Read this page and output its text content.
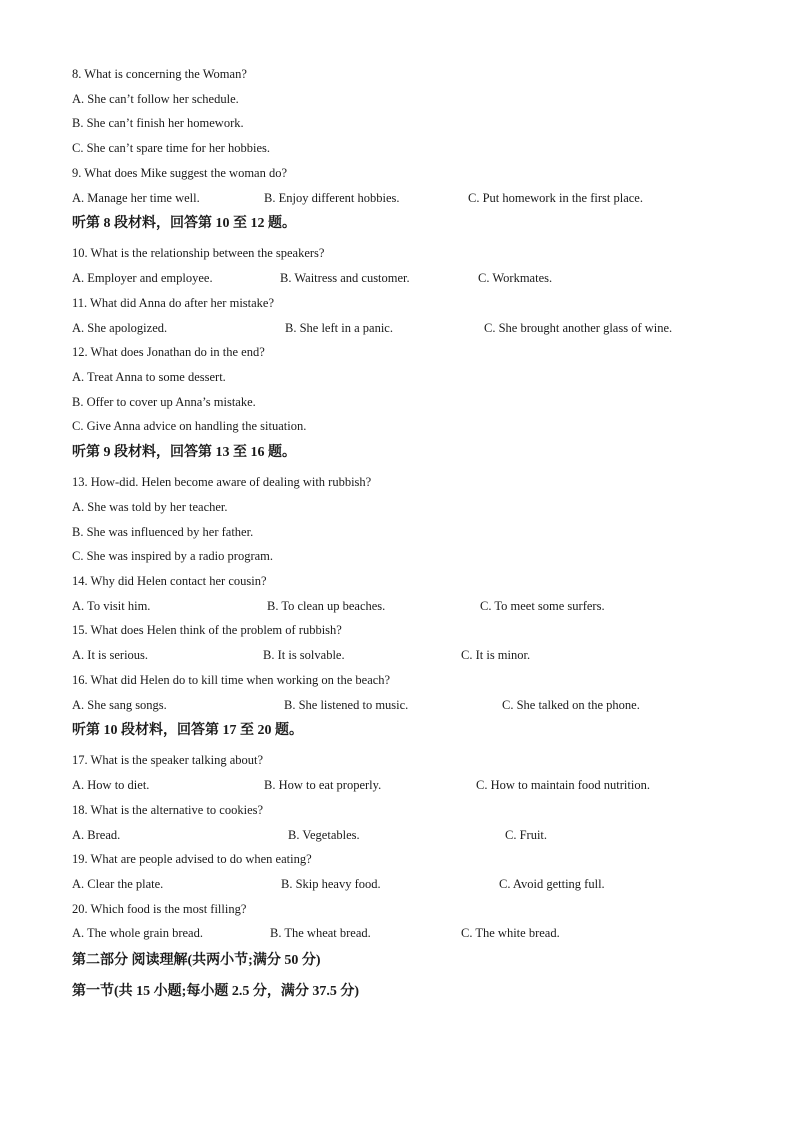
8. What is concerning the Woman?
A. She can’t follow her schedule.
B. She can’t finish her homework.
C. She can’t spare time for her hobbies.
9. What does Mike suggest the woman do?
A. Manage her time well.	B. Enjoy different hobbies.	C. Put homework in the first place.
听第 8 段材料，回答第 10 至 12 题。
10. What is the relationship between the speakers?
A. Employer and employee.	B. Waitress and customer.	C. Workmates.
11. What did Anna do after her mistake?
A. She apologized.	B. She left in a panic.	C. She brought another glass of wine.
12. What does Jonathan do in the end?
A. Treat Anna to some dessert.
B. Offer to cover up Anna’s mistake.
C. Give Anna advice on handling the situation.
听第 9 段材料，回答第 13 至 16 题。
13. How-did. Helen become aware of dealing with rubbish?
A. She was told by her teacher.
B. She was influenced by her father.
C. She was inspired by a radio program.
14. Why did Helen contact her cousin?
A. To visit him.	B. To clean up beaches.	C. To meet some surfers.
15. What does Helen think of the problem of rubbish?
A. It is serious.	B. It is solvable.	C. It is minor.
16. What did Helen do to kill time when working on the beach?
A. She sang songs.	B. She listened to music.	C. She talked on the phone.
听第 10 段材料，回答第 17 至 20 题。
17. What is the speaker talking about?
A. How to diet.	B. How to eat properly.	C. How to maintain food nutrition.
18. What is the alternative to cookies?
A. Bread.	B. Vegetables.	C. Fruit.
19. What are people advised to do when eating?
A. Clear the plate.	B. Skip heavy food.	C. Avoid getting full.
20. Which food is the most filling?
A. The whole grain bread.	B. The wheat bread.	C. The white bread.
第二部分 阅读理解(共两小节;满分 50 分)
第一节(共 15 小题;每小题 2.5 分，满分 37.5 分)
